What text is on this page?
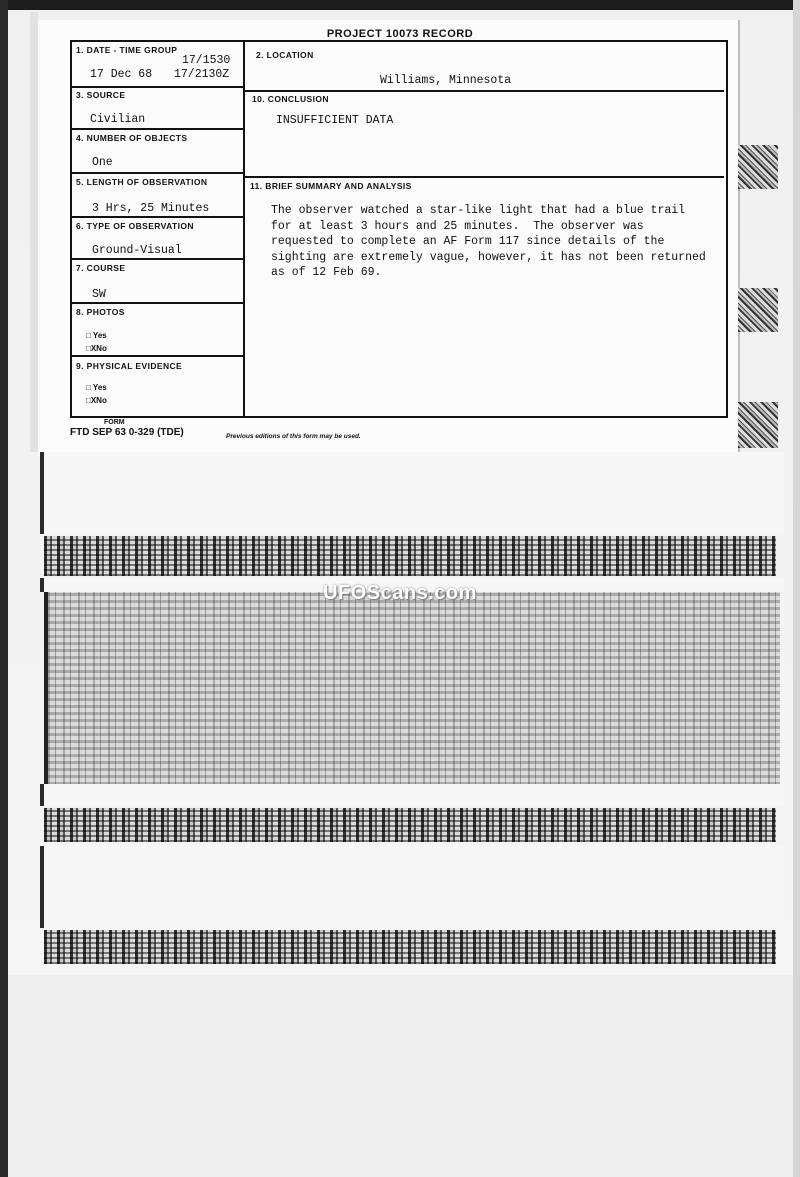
PROJECT 10073 RECORD
1. DATE - TIME GROUP
17/1530
17 Dec 68 17/2130Z
2. LOCATION
Williams, Minnesota
3. SOURCE
Civilian
10. CONCLUSION
INSUFFICIENT DATA
4. NUMBER OF OBJECTS
One
5. LENGTH OF OBSERVATION
3 Hrs, 25 Minutes
11. BRIEF SUMMARY AND ANALYSIS
The observer watched a star-like light that had a blue trail
for at least 3 hours and 25 minutes.  The observer was
requested to complete an AF Form 117 since details of the
sighting are extremely vague, however, it has not been returned
as of 12 Feb 69.
6. TYPE OF OBSERVATION
Ground-Visual
7. COURSE
SW
8. PHOTOS
□ Yes
□XNo
9. PHYSICAL EVIDENCE
□ Yes
□XNo
FORM
FTD SEP 63 0-329 (TDE)	Previous editions of this form may be used.
UFOScans.com
